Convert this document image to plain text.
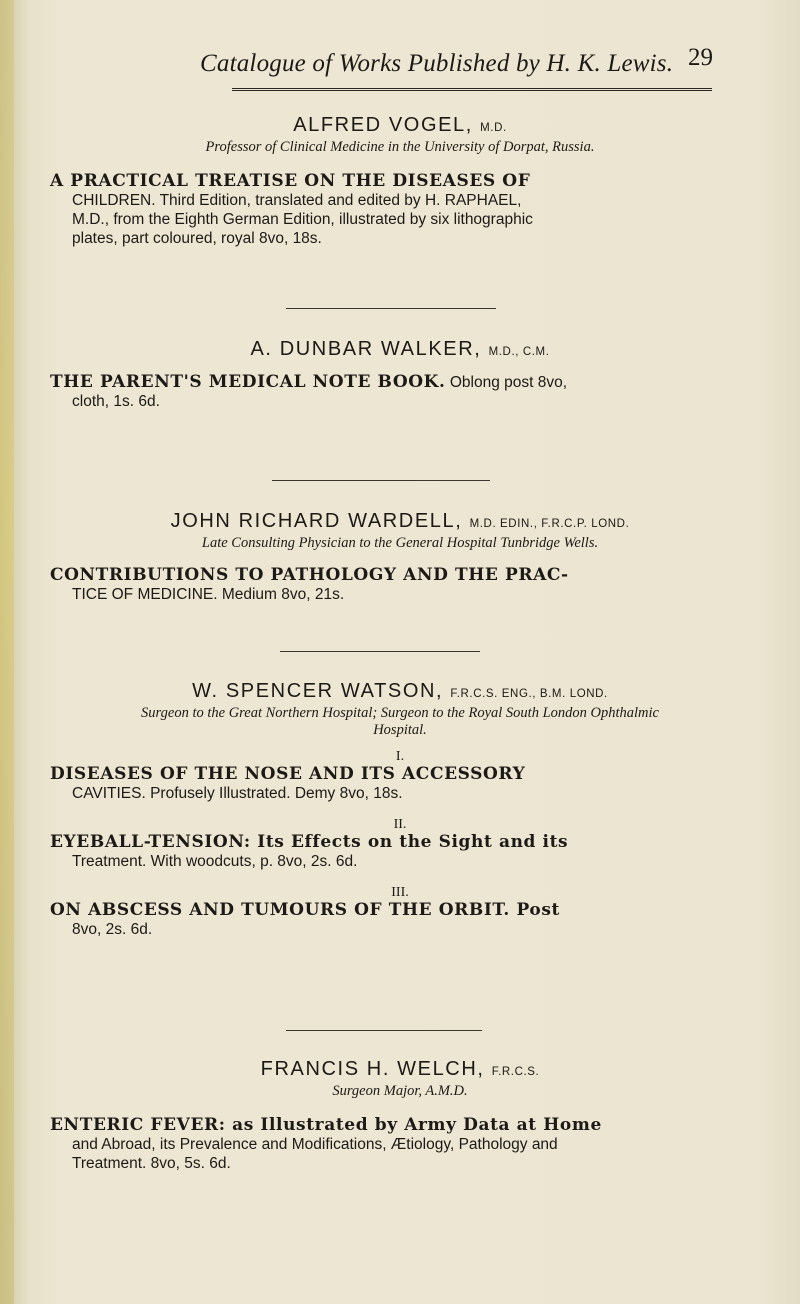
Catalogue of Works Published by H. K. Lewis. 29
ALFRED VOGEL, M.D.
Professor of Clinical Medicine in the University of Dorpat, Russia.
A PRACTICAL TREATISE ON THE DISEASES OF
CHILDREN. Third Edition, translated and edited by H. RAPHAEL,
M.D., from the Eighth German Edition, illustrated by six lithographic
plates, part coloured, royal 8vo, 18s.
A. DUNBAR WALKER, M.D., C.M.
THE PARENT'S MEDICAL NOTE BOOK. Oblong post 8vo,
cloth, 1s. 6d.
JOHN RICHARD WARDELL, M.D. EDIN., F.R.C.P. LOND.
Late Consulting Physician to the General Hospital Tunbridge Wells.
CONTRIBUTIONS TO PATHOLOGY AND THE PRAC-
TICE OF MEDICINE. Medium 8vo, 21s.
W. SPENCER WATSON, F.R.C.S. ENG., B.M. LOND.
Surgeon to the Great Northern Hospital; Surgeon to the Royal South London Ophthalmic
Hospital.
I.
DISEASES OF THE NOSE AND ITS ACCESSORY
CAVITIES. Profusely Illustrated. Demy 8vo, 18s.
II.
EYEBALL-TENSION: Its Effects on the Sight and its
Treatment. With woodcuts, p. 8vo, 2s. 6d.
III.
ON ABSCESS AND TUMOURS OF THE ORBIT. Post
8vo, 2s. 6d.
FRANCIS H. WELCH, F.R.C.S.
Surgeon Major, A.M.D.
ENTERIC FEVER: as Illustrated by Army Data at Home
and Abroad, its Prevalence and Modifications, Ætiology, Pathology and
Treatment. 8vo, 5s. 6d.
